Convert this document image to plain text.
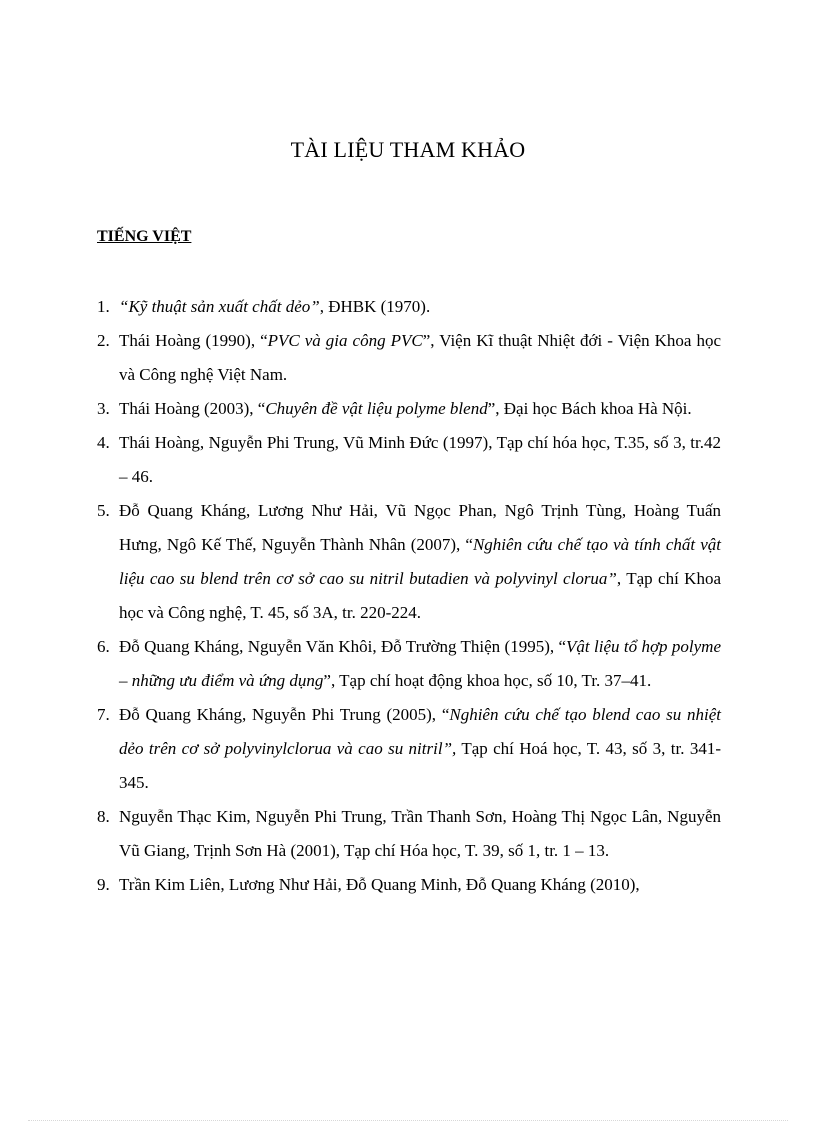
TÀI LIỆU THAM KHẢO
TIẾNG VIỆT
1. “Kỹ thuật sản xuất chất dẻo”, ĐHBK (1970).
2. Thái Hoàng (1990), “PVC và gia công PVC”, Viện Kĩ thuật Nhiệt đới - Viện Khoa học và Công nghệ Việt Nam.
3. Thái Hoàng (2003), “Chuyên đề vật liệu polyme blend”, Đại học Bách khoa Hà Nội.
4. Thái Hoàng, Nguyễn Phi Trung, Vũ Minh Đức (1997), Tạp chí hóa học, T.35, số 3, tr.42 – 46.
5. Đỗ Quang Kháng, Lương Như Hải, Vũ Ngọc Phan, Ngô Trịnh Tùng, Hoàng Tuấn Hưng, Ngô Kế Thế, Nguyễn Thành Nhân (2007), “Nghiên cứu chế tạo và tính chất vật liệu cao su blend trên cơ sở cao su nitril butadien và polyvinyl clorua”, Tạp chí Khoa học và Công nghệ, T. 45, số 3A, tr. 220-224.
6. Đỗ Quang Kháng, Nguyễn Văn Khôi, Đỗ Trường Thiện (1995), “Vật liệu tổ hợp polyme – những ưu điểm và ứng dụng”, Tạp chí hoạt động khoa học, số 10, Tr. 37–41.
7. Đỗ Quang Kháng, Nguyễn Phi Trung (2005), “Nghiên cứu chế tạo blend cao su nhiệt dẻo trên cơ sở polyvinylclorua và cao su nitril”, Tạp chí Hoá học, T. 43, số 3, tr. 341-345.
8. Nguyễn Thạc Kim, Nguyễn Phi Trung, Trần Thanh Sơn, Hoàng Thị Ngọc Lân, Nguyễn Vũ Giang, Trịnh Sơn Hà (2001), Tạp chí Hóa học, T. 39, số 1, tr. 1 – 13.
9. Trần Kim Liên, Lương Như Hải, Đỗ Quang Minh, Đỗ Quang Kháng (2010),
